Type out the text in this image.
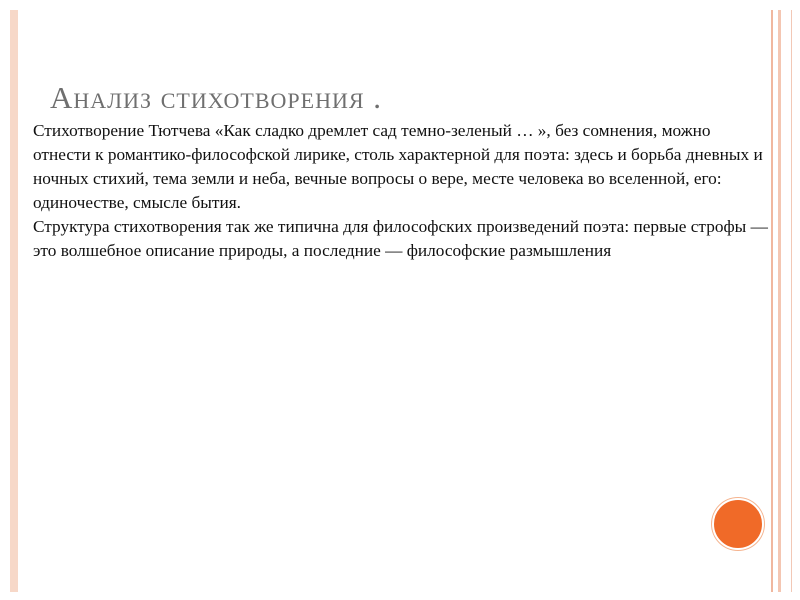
Анализ стихотворения .

Стихотворение Тютчева «Как сладко дремлет сад темно-зеленый … », без сомнения, можно отнести к романтико-философской лирике, столь характерной для поэта: здесь и борьба дневных и ночных стихий, тема земли и неба, вечные вопросы о вере, месте человека во вселенной, его: одиночестве, смысле бытия.

Структура стихотворения так же типична для философских произведений поэта: первые строфы — это волшебное описание природы, а последние — философские размышления
